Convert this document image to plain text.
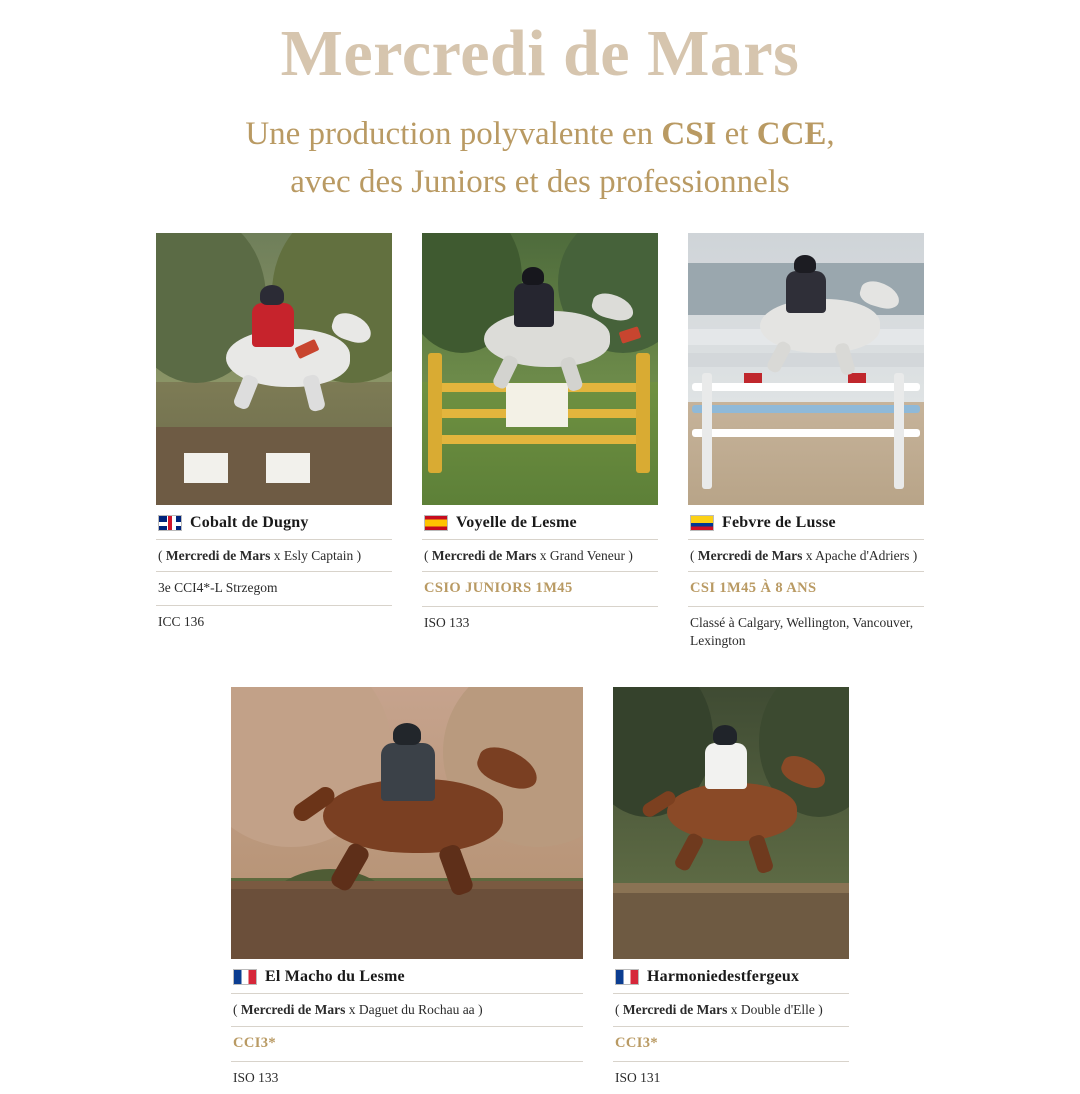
Mercredi de Mars
Une production polyvalente en CSI et CCE,
avec des Juniors et des professionnels
Cobalt de Dugny
( Mercredi de Mars x Esly Captain )
3e CCI4*-L Strzegom
ICC 136
Voyelle de Lesme
( Mercredi de Mars x Grand Veneur )
CSIO JUNIORS 1M45
ISO 133
Febvre de Lusse
( Mercredi de Mars x Apache d'Adriers )
CSI 1M45 À 8 ANS
Classé à Calgary, Wellington, Vancouver, Lexington
El Macho du Lesme
( Mercredi de Mars x Daguet du Rochau aa )
CCI3*
ISO 133
Harmoniedestfergeux
( Mercredi de Mars x Double d'Elle )
CCI3*
ISO 131
